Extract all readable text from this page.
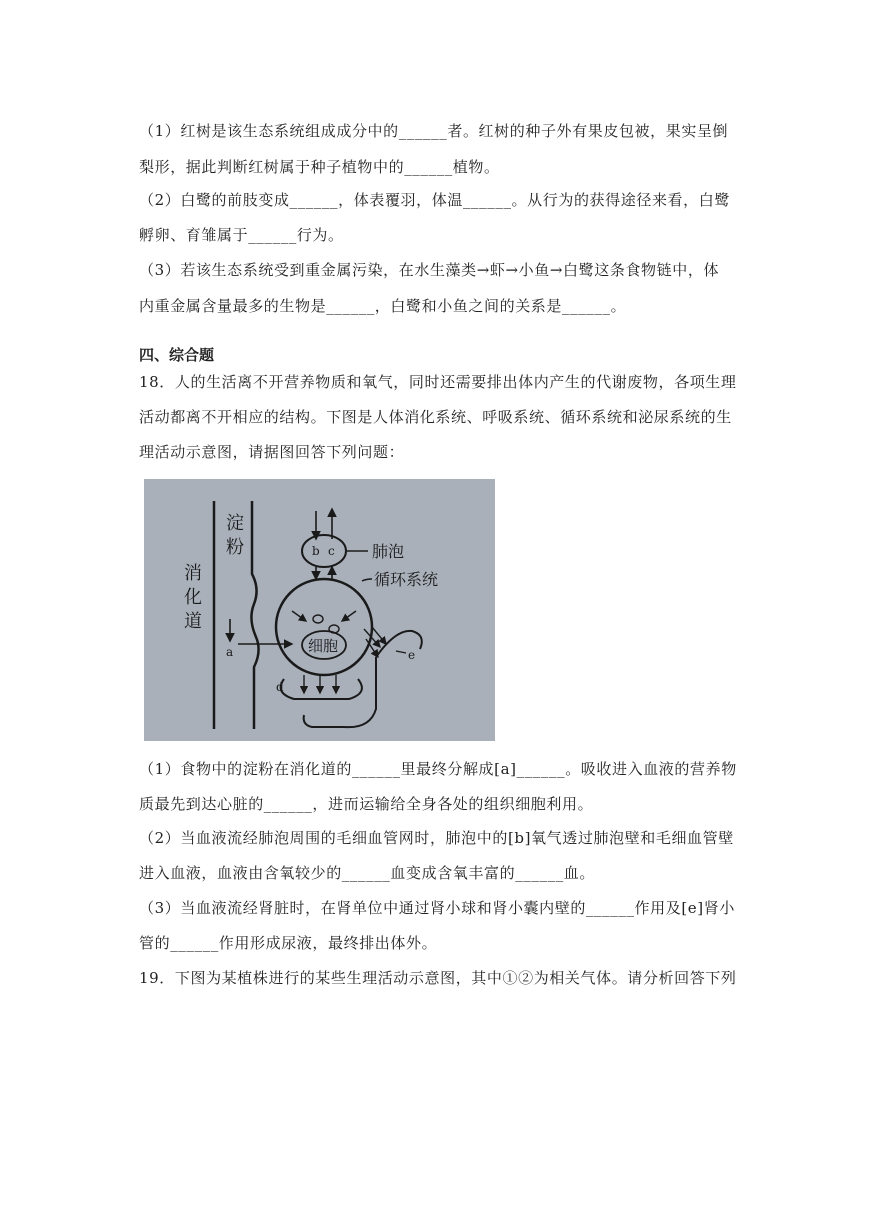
（1）红树是该生态系统组成成分中的______者。红树的种子外有果皮包被，果实呈倒
梨形，据此判断红树属于种子植物中的______植物。
（2）白鹭的前肢变成______，体表覆羽，体温______。从行为的获得途径来看，白鹭
孵卵、育雏属于______行为。
（3）若该生态系统受到重金属污染，在水生藻类→虾→小鱼→白鹭这条食物链中，体
内重金属含量最多的生物是______，白鹭和小鱼之间的关系是______。
四、综合题
18．人的生活离不开营养物质和氧气，同时还需要排出体内产生的代谢废物，各项生理
活动都离不开相应的结构。下图是人体消化系统、呼吸系统、循环系统和泌尿系统的生
理活动示意图，请据图回答下列问题：
淀
粉
消
化
道
肺泡
循环系统
细胞
a
b c
d
e
（1）食物中的淀粉在消化道的______里最终分解成[a]______。吸收进入血液的营养物
质最先到达心脏的______，进而运输给全身各处的组织细胞利用。
（2）当血液流经肺泡周围的毛细血管网时，肺泡中的[b]氧气透过肺泡壁和毛细血管壁
进入血液，血液由含氧较少的______血变成含氧丰富的______血。
（3）当血液流经肾脏时，在肾单位中通过肾小球和肾小囊内壁的______作用及[e]肾小
管的______作用形成尿液，最终排出体外。
19．下图为某植株进行的某些生理活动示意图，其中①②为相关气体。请分析回答下列
